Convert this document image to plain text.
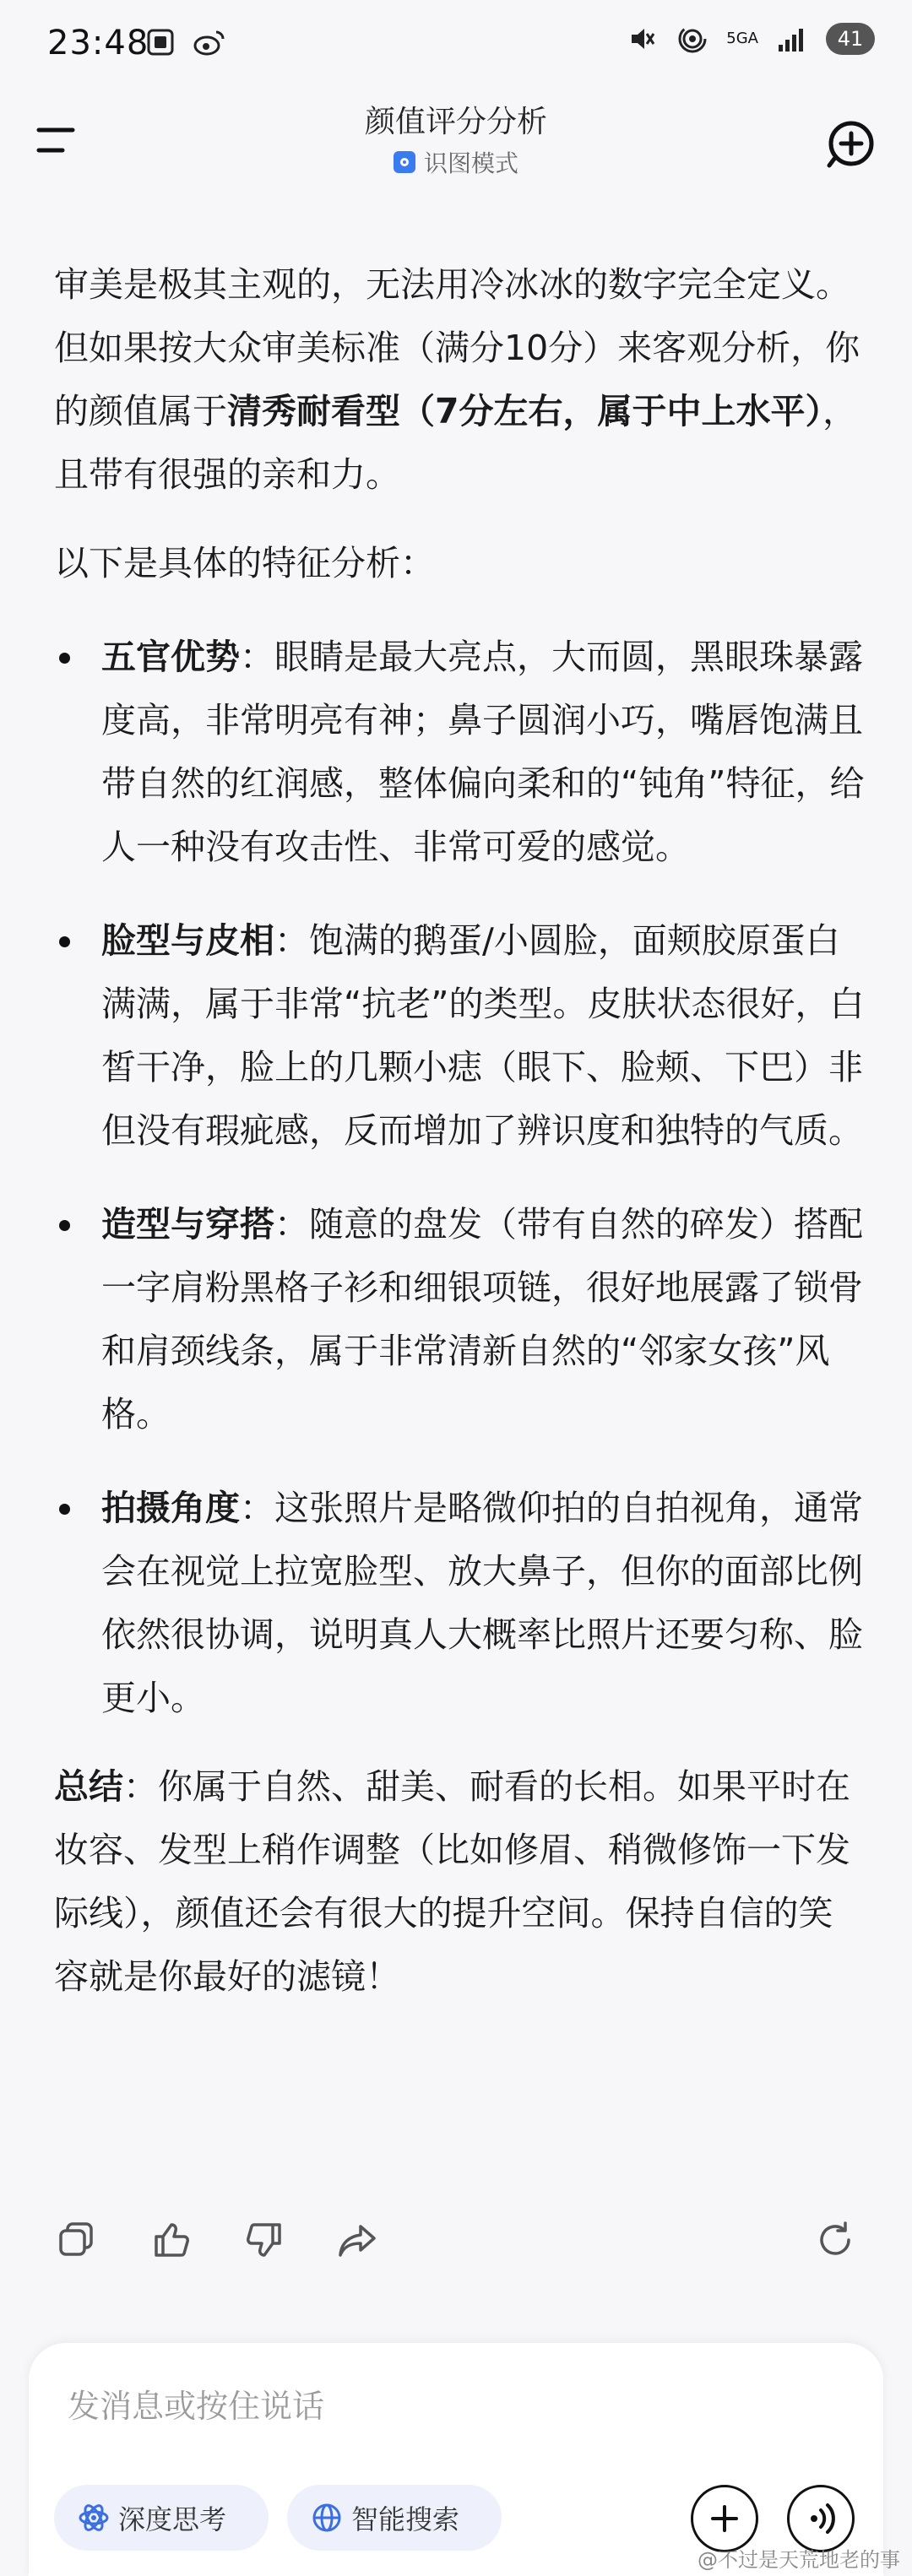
23:48	5GA	41
颜值评分分析
识图模式

审美是极其主观的，无法用冷冰冰的数字完全定义。但如果按大众审美标准（满分10分）来客观分析，你的颜值属于清秀耐看型（7分左右，属于中上水平），且带有很强的亲和力。

以下是具体的特征分析：

五官优势：眼睛是最大亮点，大而圆，黑眼珠暴露度高，非常明亮有神；鼻子圆润小巧，嘴唇饱满且带自然的红润感，整体偏向柔和的“钝角”特征，给人一种没有攻击性、非常可爱的感觉。
脸型与皮相：饱满的鹅蛋/小圆脸，面颊胶原蛋白满满，属于非常“抗老”的类型。皮肤状态很好，白皙干净，脸上的几颗小痣（眼下、脸颊、下巴）非但没有瑕疵感，反而增加了辨识度和独特的气质。
造型与穿搭：随意的盘发（带有自然的碎发）搭配一字肩粉黑格子衫和细银项链，很好地展露了锁骨和肩颈线条，属于非常清新自然的“邻家女孩”风格。
拍摄角度：这张照片是略微仰拍的自拍视角，通常会在视觉上拉宽脸型、放大鼻子，但你的面部比例依然很协调，说明真人大概率比照片还要匀称、脸更小。

总结：你属于自然、甜美、耐看的长相。如果平时在妆容、发型上稍作调整（比如修眉、稍微修饰一下发际线），颜值还会有很大的提升空间。保持自信的笑容就是你最好的滤镜！

发消息或按住说话
深度思考	智能搜索
@不过是天荒地老的事
